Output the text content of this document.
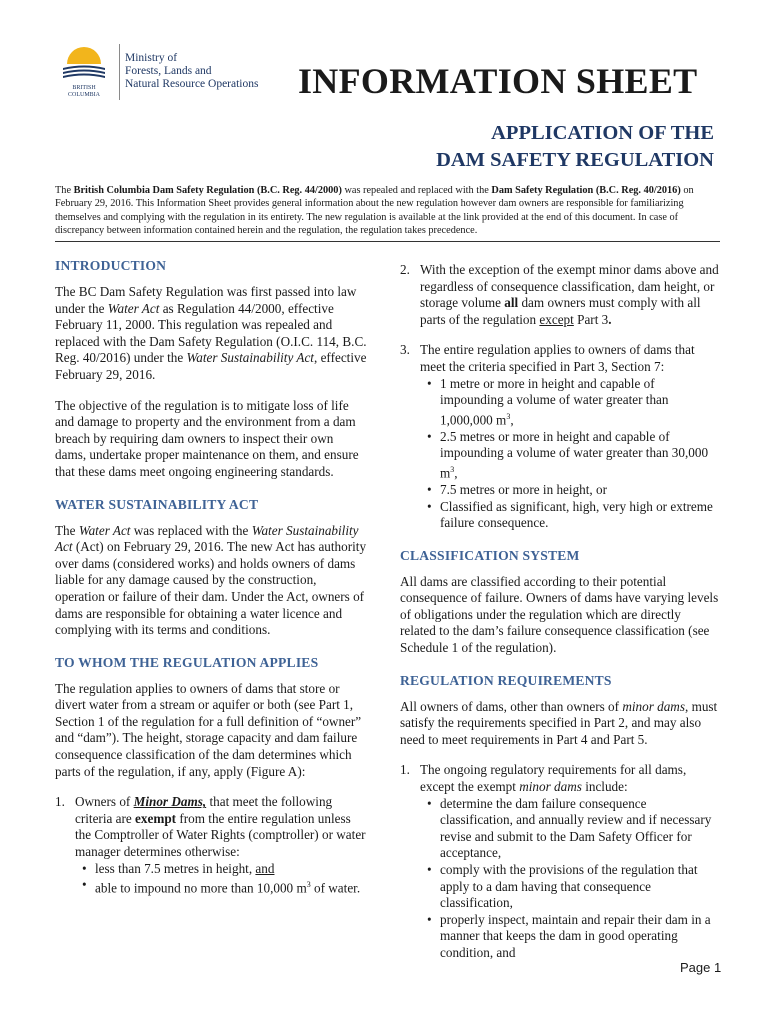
BRITISH
COLUMBIA
Ministry of
Forests, Lands and
Natural Resource Operations INFORMATION SHEET
APPLICATION OF THE
DAM SAFETY REGULATION
The British Columbia Dam Safety Regulation (B.C. Reg. 44/2000) was repealed and replaced with the Dam Safety Regulation (B.C. Reg. 40/2016) on February 29, 2016. This Information Sheet provides general information about the new regulation however dam owners are responsible for familiarizing themselves and complying with the regulation in its entirety. The new regulation is available at the link provided at the end of this document. In case of discrepancy between information contained herein and the regulation, the regulation takes precedence.
INTRODUCTION

The BC Dam Safety Regulation was first passed into law under the Water Act as Regulation 44/2000, effective February 11, 2000. This regulation was repealed and replaced with the Dam Safety Regulation (O.I.C. 114, B.C. Reg. 40/2016) under the Water Sustainability Act, effective February 29, 2016.

The objective of the regulation is to mitigate loss of life and damage to property and the environment from a dam breach by requiring dam owners to inspect their own dams, undertake proper maintenance on them, and ensure that these dams meet ongoing engineering standards.

WATER SUSTAINABILITY ACT

The Water Act was replaced with the Water Sustainability Act (Act) on February 29, 2016. The new Act has authority over dams (considered works) and holds owners of dams liable for any damage caused by the construction, operation or failure of their dam. Under the Act, owners of dams are responsible for obtaining a water licence and complying with its terms and conditions.

TO WHOM THE REGULATION APPLIES

The regulation applies to owners of dams that store or divert water from a stream or aquifer or both (see Part 1, Section 1 of the regulation for a full definition of “owner” and “dam”). The height, storage capacity and dam failure consequence classification of the dam determines which parts of the regulation, if any, apply (Figure A):

1. Owners of Minor Dams, that meet the following criteria are exempt from the entire regulation unless the Comptroller of Water Rights (comptroller) or water manager determines otherwise:
• less than 7.5 metres in height, and
• able to impound no more than 10,000 $m^3$ of water.
2. With the exception of the exempt minor dams above and regardless of consequence classification, dam height, or storage volume all dam owners must comply with all parts of the regulation except Part 3.
3. The entire regulation applies to owners of dams that meet the criteria specified in Part 3, Section 7:
• 1 metre or more in height and capable of impounding a volume of water greater than 1,000,000 $m^3$,
• 2.5 metres or more in height and capable of impounding a volume of water greater than 30,000 $m^3$,
• 7.5 metres or more in height, or
• Classified as significant, high, very high or extreme failure consequence.
CLASSIFICATION SYSTEM

All dams are classified according to their potential consequence of failure. Owners of dams have varying levels of obligations under the regulation which are directly related to the dam’s failure consequence classification (see Schedule 1 of the regulation).

REGULATION REQUIREMENTS

All owners of dams, other than owners of minor dams, must satisfy the requirements specified in Part 2, and may also need to meet requirements in Part 4 and Part 5.

1. The ongoing regulatory requirements for all dams, except the exempt minor dams include:
• determine the dam failure consequence classification, and annually review and if necessary revise and submit to the Dam Safety Officer for acceptance,
• comply with the provisions of the regulation that apply to a dam having that consequence classification,
• properly inspect, maintain and repair their dam in a manner that keeps the dam in good operating condition, and
Page 1
